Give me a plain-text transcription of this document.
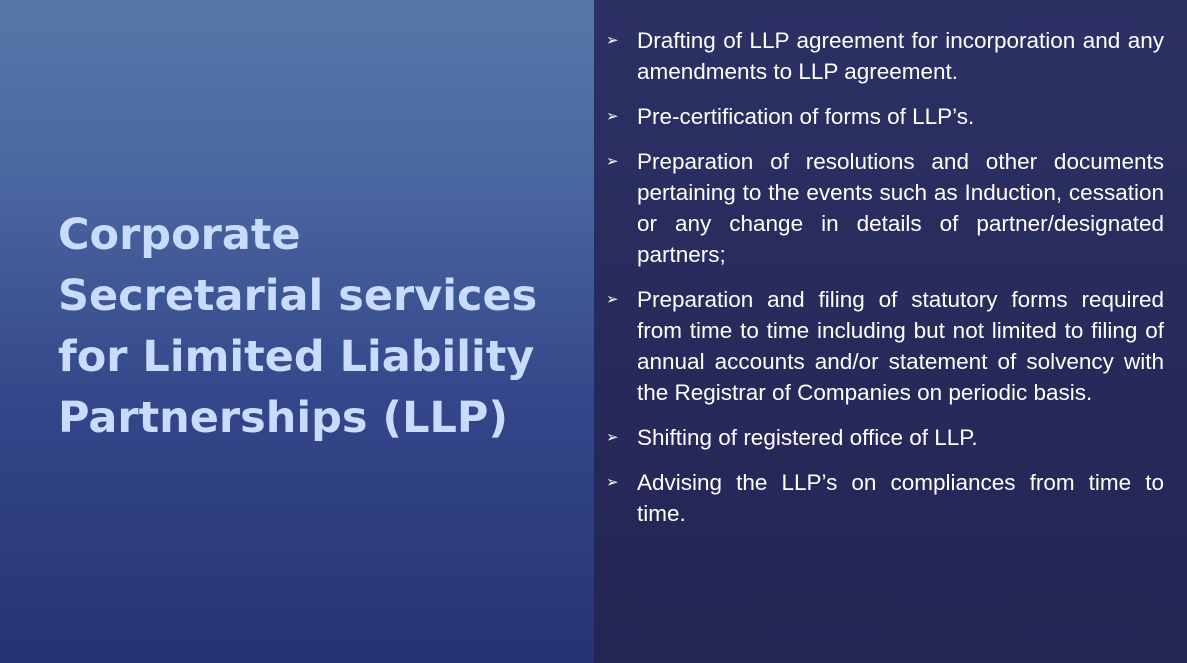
Corporate
Secretarial services
for Limited Liability
Partnerships (LLP)
➢ Drafting of LLP agreement for incorporation and any amendments to LLP agreement.
➢ Pre-certification of forms of LLP’s.
➢ Preparation of resolutions and other documents pertaining to the events such as Induction, cessation or any change in details of partner/designated partners;
➢ Preparation and filing of statutory forms required from time to time including but not limited to filing of annual accounts and/or statement of solvency with the Registrar of Companies on periodic basis.
➢ Shifting of registered office of LLP.
➢ Advising the LLP’s on compliances from time to time.
